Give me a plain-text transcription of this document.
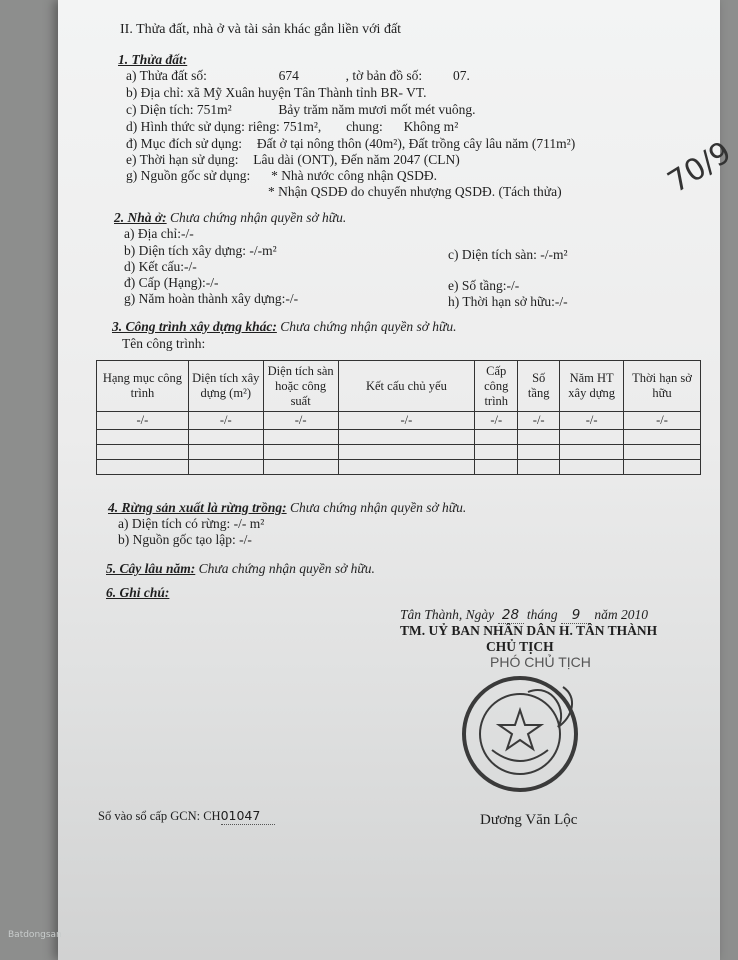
II. Thửa đất, nhà ở và tài sản khác gắn liền với đất
1. Thửa đất:
a) Thửa đất số:	674	, tờ bản đồ số: 07.
b) Địa chỉ: xã Mỹ Xuân huyện Tân Thành tỉnh BR- VT.
c) Diện tích: 751m²	Bảy trăm năm mươi mốt mét vuông.
d) Hình thức sử dụng: riêng: 751m², chung: Không m²
đ) Mục đích sử dụng: Đất ở tại nông thôn (40m²), Đất trồng cây lâu năm (711m²)
e) Thời hạn sử dụng: Lâu dài (ONT), Đến năm 2047 (CLN)
g) Nguồn gốc sử dụng: * Nhà nước công nhận QSDĐ.
* Nhận QSDĐ do chuyển nhượng QSDĐ. (Tách thửa)	70/9
2. Nhà ở: Chưa chứng nhận quyền sở hữu.
a) Địa chỉ:-/-
b) Diện tích xây dựng: -/-m²	c) Diện tích sàn: -/-m²
d) Kết cấu:-/-
đ) Cấp (Hạng):-/-	e) Số tầng:-/-
g) Năm hoàn thành xây dựng:-/-	h) Thời hạn sở hữu:-/-
3. Công trình xây dựng khác: Chưa chứng nhận quyền sở hữu.
Tên công trình:
4. Rừng sản xuất là rừng trồng: Chưa chứng nhận quyền sở hữu.
a) Diện tích có rừng: -/- m²
b) Nguồn gốc tạo lập: -/-
5. Cây lâu năm: Chưa chứng nhận quyền sở hữu.
6. Ghi chú:
Tân Thành, Ngày 28 tháng 9 năm 2010
TM. UỶ BAN NHÂN DÂN H. TÂN THÀNH
CHỦ TỊCH
PHÓ CHỦ TỊCH
Dương Văn Lộc
Số vào sổ cấp GCN: CH01047
Hạng mục công trình	Diện tích xây dựng (m²)	Diện tích sàn hoặc công suất	Kết cấu chủ yếu	Cấp công trình	Số tầng	Năm HT xây dựng	Thời hạn sở hữu
-/-	-/-	-/-	-/-	-/-	-/-	-/-	-/-

Batdongsan
